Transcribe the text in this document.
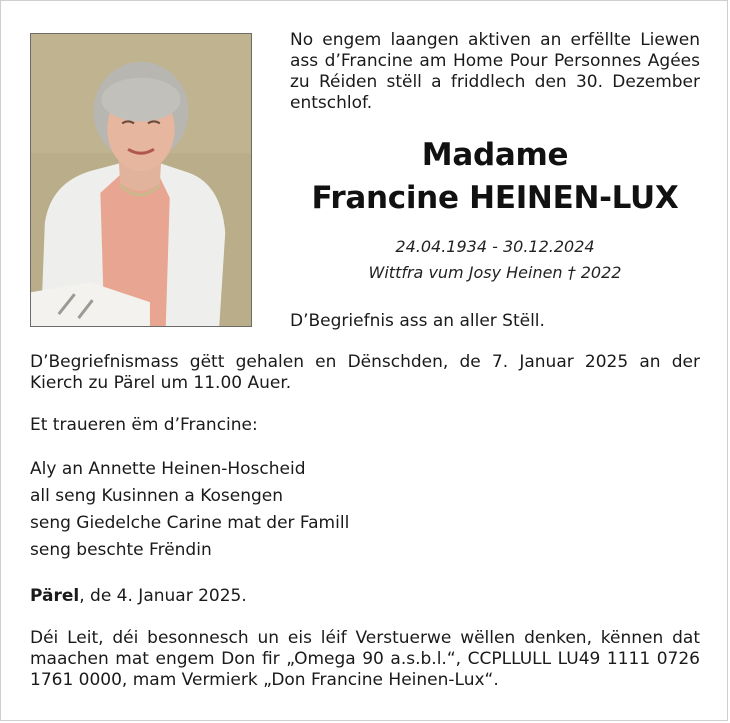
No engem laangen aktiven an erfëllte Liewen ass d’Francine am Home Pour Personnes Agées zu Réiden stëll a friddlech den 30. Dezember entschlof.
Madame
Francine HEINEN-LUX
24.04.1934 - 30.12.2024
Wittfra vum Josy Heinen † 2022
D’Begriefnis ass an aller Stëll.
D’Begriefnismass gëtt gehalen en Dënschden, de 7. Januar 2025 an der Kierch zu Pärel um 11.00 Auer.
Et traueren ëm d’Francine:
Aly an Annette Heinen-Hoscheid
all seng Kusinnen a Kosengen
seng Giedelche Carine mat der Famill
seng beschte Frëndin
Pärel, de 4. Januar 2025.
Déi Leit, déi besonnesch un eis léif Verstuerwe wëllen denken, kënnen dat maachen mat engem Don fir „Omega 90 a.s.b.l.“, CCPLLULL LU49 1111 0726 1761 0000, mam Vermierk „Don Francine Heinen-Lux“.
